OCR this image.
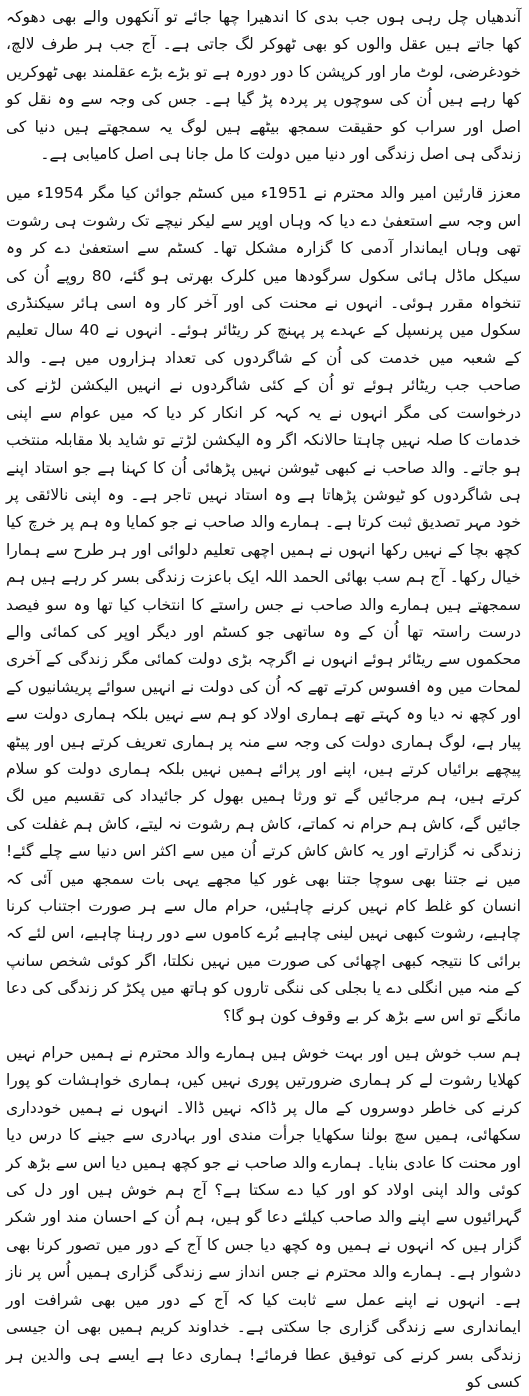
آندھیاں چل رہی ہوں جب بدی کا اندھیرا چھا جائے تو آنکھوں والے بھی دھوکہ کھا جاتے ہیں عقل والوں کو بھی ٹھوکر لگ جاتی ہے۔ آج جب ہر طرف لالچ، خودغرضی، لوٹ مار اور کرپشن کا دور دورہ ہے تو بڑے بڑے عقلمند بھی ٹھوکریں کھا رہے ہیں اُن کی سوچوں پر پردہ پڑ گیا ہے۔ جس کی وجہ سے وہ نقل کو اصل اور سراب کو حقیقت سمجھ بیٹھے ہیں لوگ یہ سمجھتے ہیں دنیا کی زندگی ہی اصل زندگی اور دنیا میں دولت کا مل جانا ہی اصل کامیابی ہے۔

معزز قارئین امیر والد محترم نے 1951ء میں کسٹم جوائن کیا مگر 1954ء میں اس وجہ سے استعفیٰ دے دیا کہ وہاں اوپر سے لیکر نیچے تک رشوت ہی رشوت تھی وہاں ایماندار آدمی کا گزارہ مشکل تھا۔ کسٹم سے استعفیٰ دے کر وہ سیکل ماڈل ہائی سکول سرگودھا میں کلرک بھرتی ہو گئے، 80 روپے اُن کی تنخواہ مقرر ہوئی۔ انہوں نے محنت کی اور آخر کار وہ اسی ہائر سیکنڈری سکول میں پرنسپل کے عہدے پر پہنچ کر ریٹائر ہوئے۔ انہوں نے 40 سال تعلیم کے شعبہ میں خدمت کی اُن کے شاگردوں کی تعداد ہزاروں میں ہے۔ والد صاحب جب ریٹائر ہوئے تو اُن کے کئی شاگردوں نے انہیں الیکشن لڑنے کی درخواست کی مگر انہوں نے یہ کہہ کر انکار کر دیا کہ میں عوام سے اپنی خدمات کا صلہ نہیں چاہتا حالانکہ اگر وہ الیکشن لڑتے تو شاید بلا مقابلہ منتخب ہو جاتے۔ والد صاحب نے کبھی ٹیوشن نہیں پڑھائی اُن کا کہنا ہے جو استاد اپنے ہی شاگردوں کو ٹیوشن پڑھاتا ہے وہ استاد نہیں تاجر ہے۔ وہ اپنی نالائقی پر خود مہر تصدیق ثبت کرتا ہے۔ ہمارے والد صاحب نے جو کمایا وہ ہم پر خرچ کیا کچھ بچا کے نہیں رکھا انہوں نے ہمیں اچھی تعلیم دلوائی اور ہر طرح سے ہمارا خیال رکھا۔ آج ہم سب بھائی الحمد اللہ ایک باعزت زندگی بسر کر رہے ہیں ہم سمجھتے ہیں ہمارے والد صاحب نے جس راستے کا انتخاب کیا تھا وہ سو فیصد درست راستہ تھا اُن کے وہ ساتھی جو کسٹم اور دیگر اوپر کی کمائی والے محکموں سے ریٹائر ہوئے انہوں نے اگرچہ بڑی دولت کمائی مگر زندگی کے آخری لمحات میں وہ افسوس کرتے تھے کہ اُن کی دولت نے انہیں سوائے پریشانیوں کے اور کچھ نہ دیا وہ کہتے تھے ہماری اولاد کو ہم سے نہیں بلکہ ہماری دولت سے پیار ہے، لوگ ہماری دولت کی وجہ سے منہ پر ہماری تعریف کرتے ہیں اور پیٹھ پیچھے برائیاں کرتے ہیں، اپنے اور پرائے ہمیں نہیں بلکہ ہماری دولت کو سلام کرتے ہیں، ہم مرجائیں گے تو ورثا ہمیں بھول کر جائیداد کی تقسیم میں لگ جائیں گے، کاش ہم حرام نہ کماتے، کاش ہم رشوت نہ لیتے، کاش ہم غفلت کی زندگی نہ گزارتے اور یہ کاش کاش کرتے اُن میں سے اکثر اس دنیا سے چلے گئے! میں نے جتنا بھی سوچا جتنا بھی غور کیا مجھے یہی بات سمجھ میں آئی کہ انسان کو غلط کام نہیں کرنے چاہئیں، حرام مال سے ہر صورت اجتناب کرنا چاہیے، رشوت کبھی نہیں لینی چاہیے بُرے کاموں سے دور رہنا چاہیے، اس لئے کہ برائی کا نتیجہ کبھی اچھائی کی صورت میں نہیں نکلتا، اگر کوئی شخص سانپ کے منہ میں انگلی دے یا بجلی کی ننگی تاروں کو ہاتھ میں پکڑ کر زندگی کی دعا مانگے تو اس سے بڑھ کر بے وقوف کون ہو گا؟

ہم سب خوش ہیں اور بہت خوش ہیں ہمارے والد محترم نے ہمیں حرام نہیں کھلایا رشوت لے کر ہماری ضرورتیں پوری نہیں کیں، ہماری خواہشات کو پورا کرنے کی خاطر دوسروں کے مال پر ڈاکہ نہیں ڈالا۔ انہوں نے ہمیں خودداری سکھائی، ہمیں سچ بولنا سکھایا جرأت مندی اور بہادری سے جینے کا درس دیا اور محنت کا عادی بنایا۔ ہمارے والد صاحب نے جو کچھ ہمیں دیا اس سے بڑھ کر کوئی والد اپنی اولاد کو اور کیا دے سکتا ہے؟ آج ہم خوش ہیں اور دل کی گہرائیوں سے اپنے والد صاحب کیلئے دعا گو ہیں، ہم اُن کے احسان مند اور شکر گزار ہیں کہ انہوں نے ہمیں وہ کچھ دیا جس کا آج کے دور میں تصور کرنا بھی دشوار ہے۔ ہمارے والد محترم نے جس انداز سے زندگی گزاری ہمیں اُس پر ناز ہے۔ انہوں نے اپنے عمل سے ثابت کیا کہ آج کے دور میں بھی شرافت اور ایمانداری سے زندگی گزاری جا سکتی ہے۔ خداوند کریم ہمیں بھی ان جیسی زندگی بسر کرنے کی توفیق عطا فرمائے! ہماری دعا ہے ایسے ہی والدین ہر کسی کو
